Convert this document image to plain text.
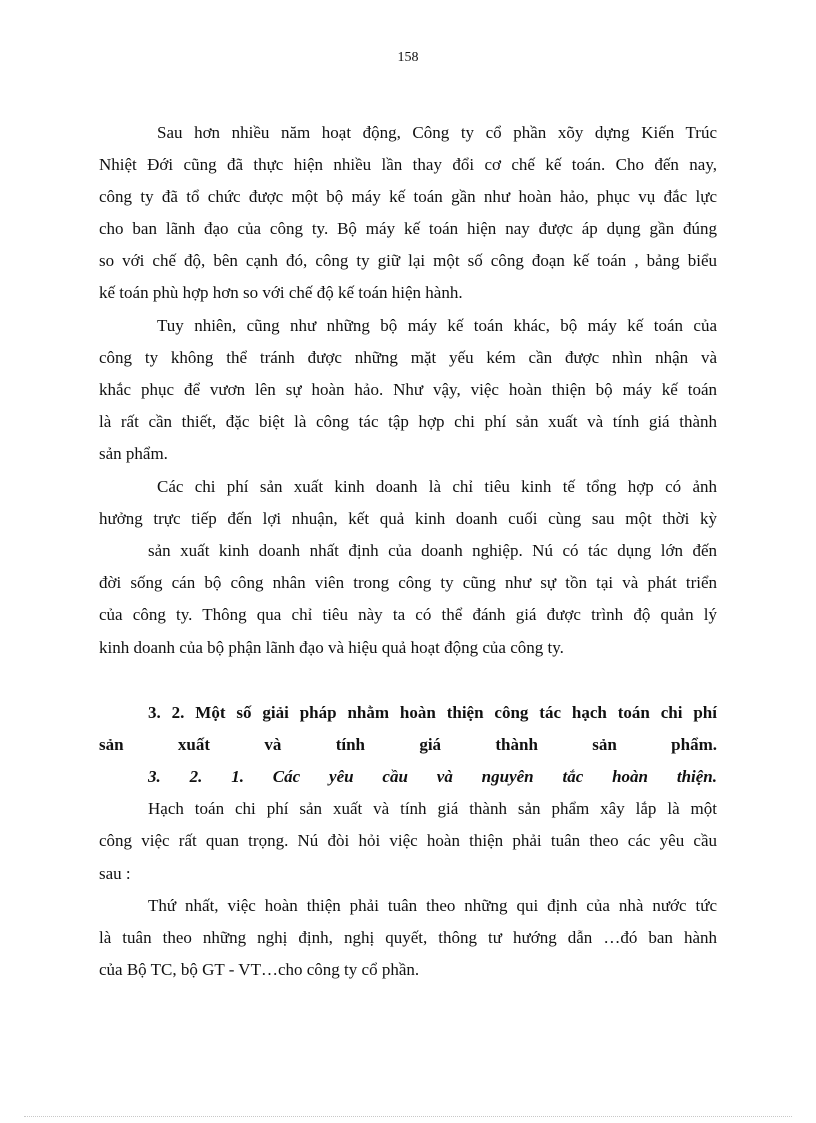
158
Sau hơn nhiều năm hoạt động, Công ty cổ phần xõy dựng Kiến Trúc
Nhiệt Đới cũng đã thực hiện nhiều lần thay đổi cơ chế kế toán. Cho đến nay,
công ty đã tổ chức được một bộ máy kế toán gần như hoàn hảo, phục vụ đắc lực
cho ban lãnh đạo của công ty. Bộ máy kế toán hiện nay được áp dụng gần đúng
so với chế độ, bên cạnh đó, công ty giữ lại một số công đoạn kế toán , bảng biểu
kế toán phù hợp hơn so với chế độ kế toán hiện hành.
Tuy nhiên, cũng như những bộ máy kế toán khác, bộ máy kế toán của
công ty không thể tránh được những mặt yếu kém cần được nhìn nhận và
khắc phục để vươn lên sự hoàn hảo. Như vậy, việc hoàn thiện bộ máy kế toán
là rất cần thiết, đặc biệt là công tác tập hợp chi phí sản xuất và tính giá thành
sản phẩm.
Các chi phí sản xuất kinh doanh là chỉ tiêu kinh tế tổng hợp có ảnh
hưởng trực tiếp đến lợi nhuận, kết quả kinh doanh cuối cùng sau một thời kỳ
sản xuất kinh doanh nhất định của doanh nghiệp. Nú có tác dụng lớn đến
đời sống cán bộ công nhân viên trong công ty cũng như sự tồn tại và phát triển
của công ty. Thông qua chỉ tiêu này ta có thể đánh giá được trình độ quản lý
kinh doanh của bộ phận lãnh đạo và hiệu quả hoạt động của công ty.
3. 2. Một số giải pháp nhằm hoàn thiện công tác hạch toán chi phí
sản xuất và tính giá thành sản phẩm.
3. 2. 1. Các yêu cầu và nguyên tắc hoàn thiện.
Hạch toán chi phí sản xuất và tính giá thành sản phẩm xây lắp là một
công việc rất quan trọng. Nú đòi hỏi việc hoàn thiện phải tuân theo các yêu cầu
sau :
Thứ nhất, việc hoàn thiện phải tuân theo những qui định của nhà nước tức
là tuân theo những nghị định, nghị quyết, thông tư hướng dẫn …đó ban hành
của Bộ TC, bộ GT - VT…cho công ty cổ phần.
